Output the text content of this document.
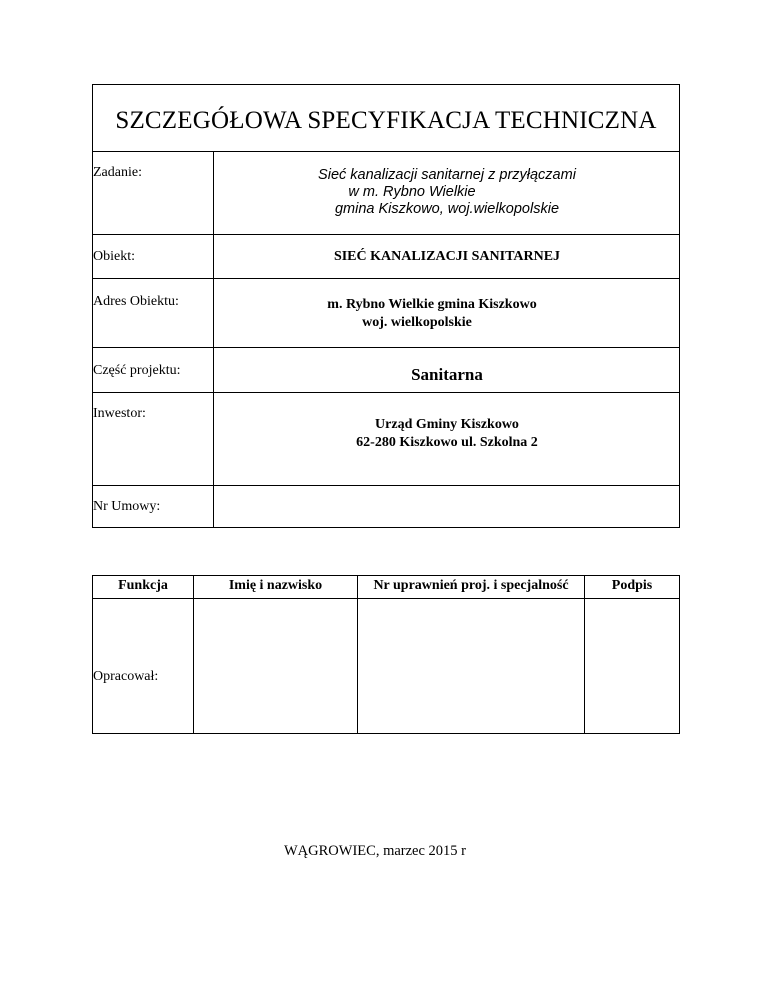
SZCZEGÓŁOWA SPECYFIKACJA TECHNICZNA
Zadanie:	Sieć kanalizacji sanitarnej z przyłączami
w m. Rybno Wielkie
gmina Kiszkowo, woj.wielkopolskie
Obiekt:	SIEĆ KANALIZACJI SANITARNEJ
Adres Obiektu:	m. Rybno Wielkie gmina Kiszkowo
woj. wielkopolskie
Część projektu:	Sanitarna
Inwestor:
Urząd Gminy Kiszkowo
62-280 Kiszkowo ul. Szkolna 2
Nr Umowy:
Funkcja	Imię i nazwisko	Nr uprawnień proj. i specjalność	Podpis
Opracował:
WĄGROWIEC, marzec 2015 r
